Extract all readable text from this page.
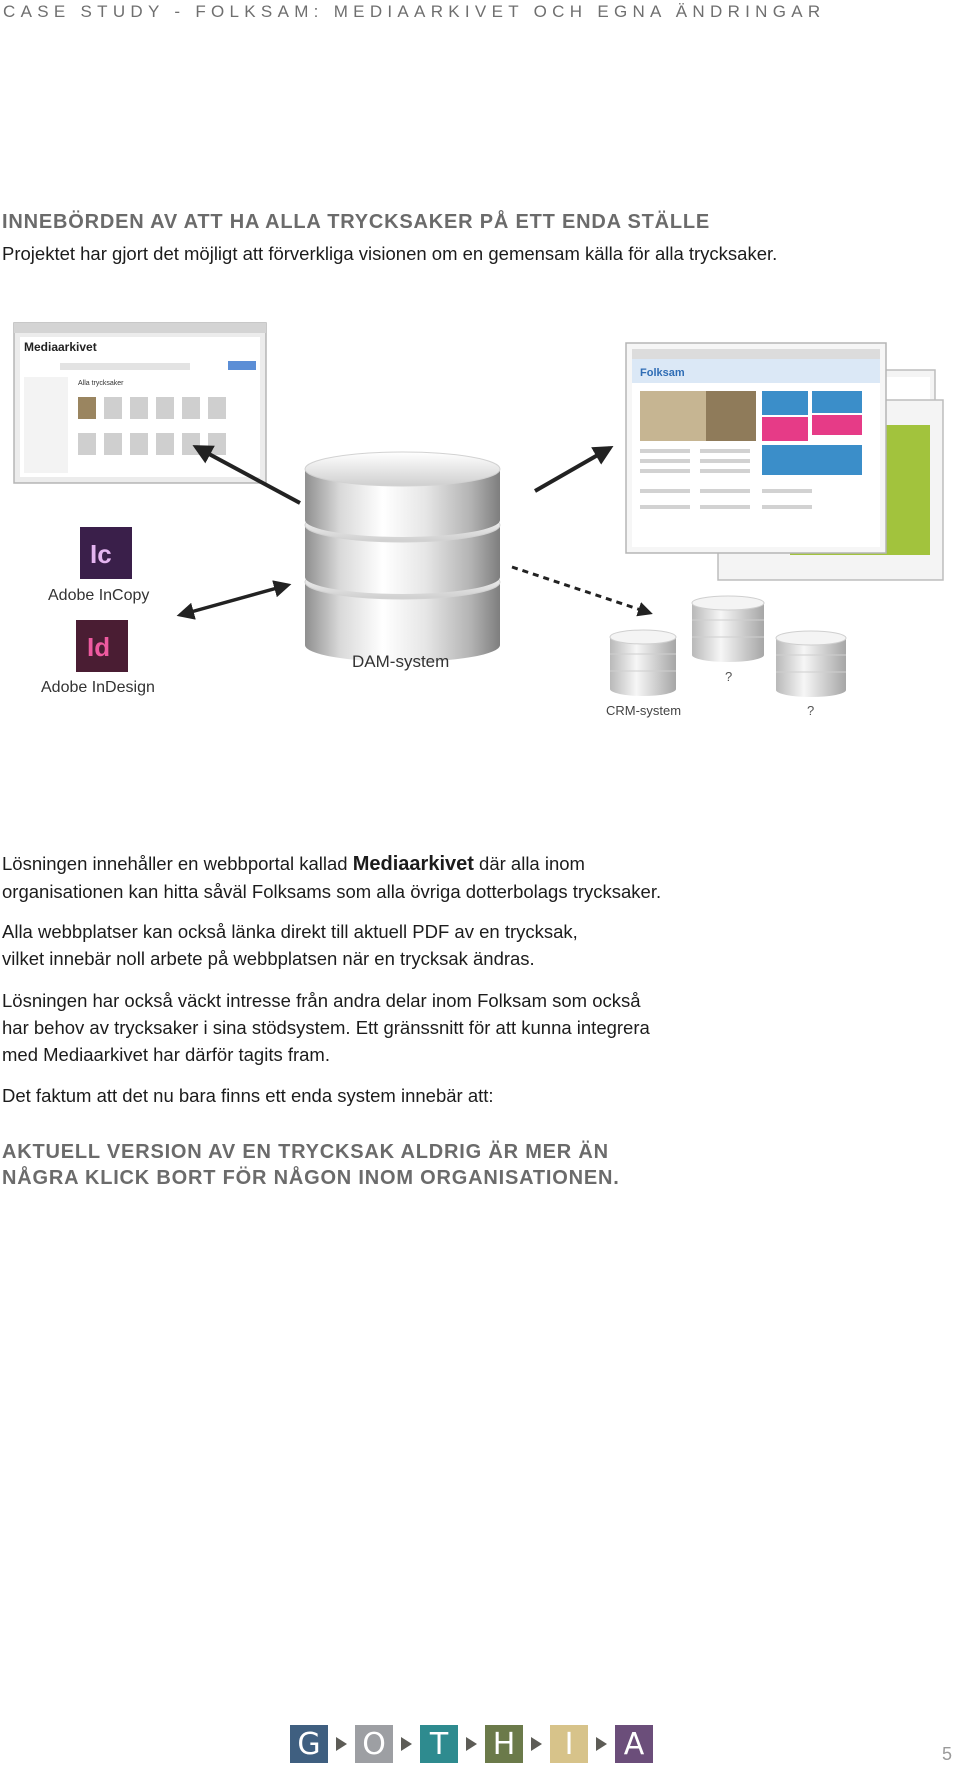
CASE STUDY - FOLKSAM: MEDIAARKIVET OCH EGNA ÄNDRINGAR
INNEBÖRDEN AV ATT HA ALLA TRYCKSAKER PÅ ETT ENDA STÄLLE
Projektet har gjort det möjligt att förverkliga visionen om en gemensam källa för alla trycksaker.
Mediaarkivet
Alla trycksaker
Folksam
DAM-system
Ic
Adobe InCopy
Id
Adobe InDesign
CRM-system
?
?
Lösningen innehåller en webbportal kallad Mediaarkivet där alla inom
organisationen kan hitta såväl Folksams som alla övriga dotterbolags trycksaker.
Alla webbplatser kan också länka direkt till aktuell PDF av en trycksak,
vilket innebär noll arbete på webbplatsen när en trycksak ändras.
Lösningen har också väckt intresse från andra delar inom Folksam som också
har behov av trycksaker i sina stödsystem. Ett gränssnitt för att kunna integrera
med Mediaarkivet har därför tagits fram.
Det faktum att det nu bara finns ett enda system innebär att:
AKTUELL VERSION AV EN TRYCKSAK ALDRIG ÄR MER ÄN
NÅGRA KLICK BORT FÖR NÅGON INOM ORGANISATIONEN.
G O	T	H	I	A	5
